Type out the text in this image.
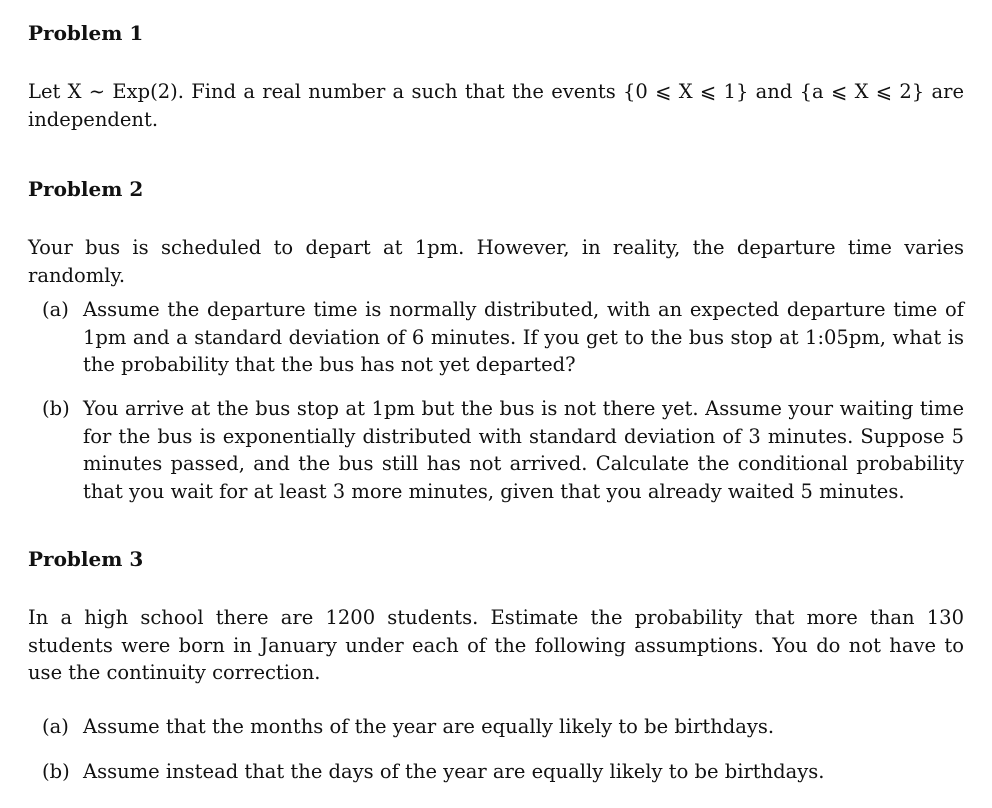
Problem 1
Let X ∼ Exp(2). Find a real number a such that the events {0 ⩽ X ⩽ 1} and {a ⩽ X ⩽ 2} are independent.
Problem 2
Your bus is scheduled to depart at 1pm. However, in reality, the departure time varies randomly.
(a) Assume the departure time is normally distributed, with an expected departure time of 1pm and a standard deviation of 6 minutes. If you get to the bus stop at 1:05pm, what is the probability that the bus has not yet departed?
(b) You arrive at the bus stop at 1pm but the bus is not there yet. Assume your waiting time for the bus is exponentially distributed with standard deviation of 3 minutes. Suppose 5 minutes passed, and the bus still has not arrived. Calculate the conditional probability that you wait for at least 3 more minutes, given that you already waited 5 minutes.
Problem 3
In a high school there are 1200 students. Estimate the probability that more than 130 students were born in January under each of the following assumptions. You do not have to use the continuity correction.
(a) Assume that the months of the year are equally likely to be birthdays.
(b) Assume instead that the days of the year are equally likely to be birthdays.
